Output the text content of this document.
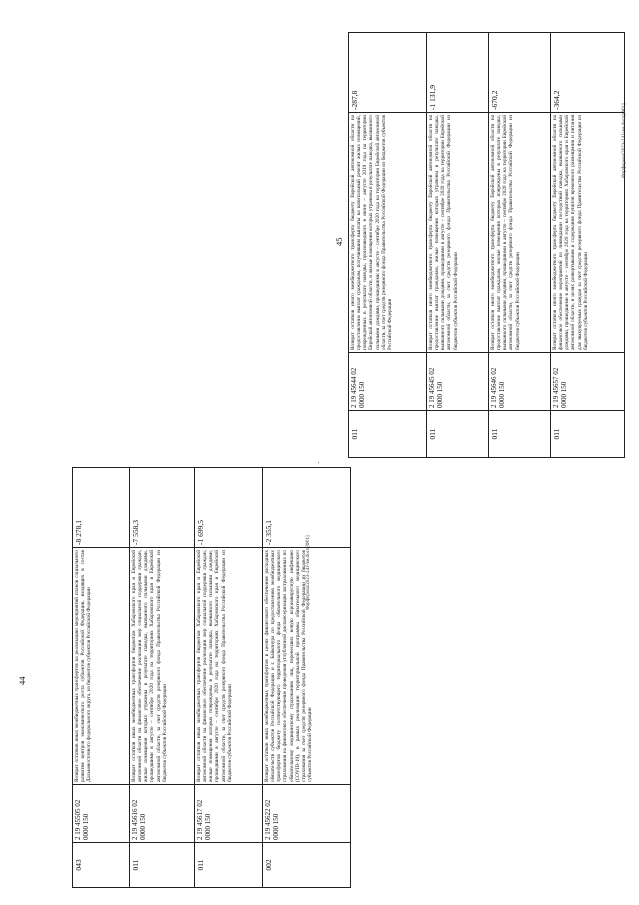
44
043	2 19 45505 02 0000 150	Возврат остатков иных межбюджетных трансфертов на реализацию мероприятий планов социального развития центров экономического роста субъектов Российской Федерации, входящих в состав Дальневосточного федерального округа, из бюджетов субъектов Российской Федерации	-8 278,1
011	2 19 45616 02 0000 150	Возврат остатков иных межбюджетных трансфертов бюджетам Хабаровского края и Еврейской автономной области на финансовое обеспечение реализации мер социальной поддержки граждан, жилые помещения которых утрачены в результате паводка, вызванного сильными дождями, прошедшими в августе – сентябре 2020 года на территориях Хабаровского края и Еврейской автономной области, за счет средств резервного фонда Правительства Российской Федерации из бюджетов субъектов Российской Федерации	-7 558,3
011	2 19 45617 02 0000 150	Возврат остатков иных межбюджетных трансфертов бюджетам Хабаровского края и Еврейской автономной области на финансовое обеспечение реализации мер социальной поддержки граждан, жилые помещения которых повреждены в результате паводка, вызванного сильными дождями, прошедшими в августе – сентябре 2020 года на территориях Хабаровского края и Еврейской автономной области, за счет средств резервного фонда Правительства Российской Федерации из бюджетов субъектов Российской Федерации	-1 699,5
002	2 19 45622 02 0000 150	Возврат остатков иных межбюджетных трансфертов в целях финансового обеспечения расходных обязательств субъектов Российской Федерации и г. Байконура по предоставлению межбюджетных трансфертов бюджету соответствующего территориального фонда обязательного медицинского страхования на финансовое обеспечение проведения углубленной диспансеризации застрахованных по обязательному медицинскому страхованию лиц, перенесших новую коронавирусную инфекцию (COVID-19), в рамках реализации территориальной программы обязательного медицинского страхования за счет средств резервного фонда Правительства Российской Федерации из бюджетов субъектов Российской Федерации	-2 355,1
Фарфорова/2023-241-эм.docx[Ф01]
45
011	2 19 45644 02 0000 150	Возврат остатков иного межбюджетного трансферта бюджету Еврейской автономной области на предоставление выплат гражданам, получившим выплаты на капитальный ремонт жилых помещений, поврежденных в результате паводка, произошедшего в июне – августе 2019 года на территории Еврейской автономной области, и жилые помещения которых утрачены в результате паводка, вызванного сильными дождями, прошедшими в августе – сентябре 2020 года на территории Еврейской автономной области, за счет средств резервного фонда Правительства Российской Федерации из бюджетов субъектов Российской Федерации	-287,8
011	2 19 45645 02 0000 150	Возврат остатков иного межбюджетного трансферта бюджету Еврейской автономной области на предоставление выплат гражданам, жилые помещения которых утрачены в результате паводка, вызванного сильными дождями, прошедшими в августе – сентябре 2020 года на территории Еврейской автономной области, за счет средств резервного фонда Правительства Российской Федерации из бюджетов субъектов Российской Федерации	-1 131,9
011	2 19 45646 02 0000 150	Возврат остатков иного межбюджетного трансферта бюджету Еврейской автономной области на предоставление выплат гражданам, жилые помещения которых повреждены в результате паводка, вызванного сильными дождями, прошедшими в августе – сентябре 2020 года на территории Еврейской автономной области, за счет средств резервного фонда Правительства Российской Федерации из бюджетов субъектов Российской Федерации	-670,2
011	2 19 45657 02 0000 150	Возврат остатков иного межбюджетного трансферта бюджету Еврейской автономной области на финансовое обеспечение мероприятий по ликвидации последствий паводка, вызванного сильными дождями, прошедшими в августе – сентябре 2020 года на территориях Хабаровского края и Еврейской автономной области, в целях развертывания и содержания пунктов временного размещения и питания для эвакуируемых граждан за счет средств резервного фонда Правительства Российской Федерации из бюджетов субъектов Российской Федерации	-364,2
Фарфорова/2023-241-эм.docx[Ф01]
'
